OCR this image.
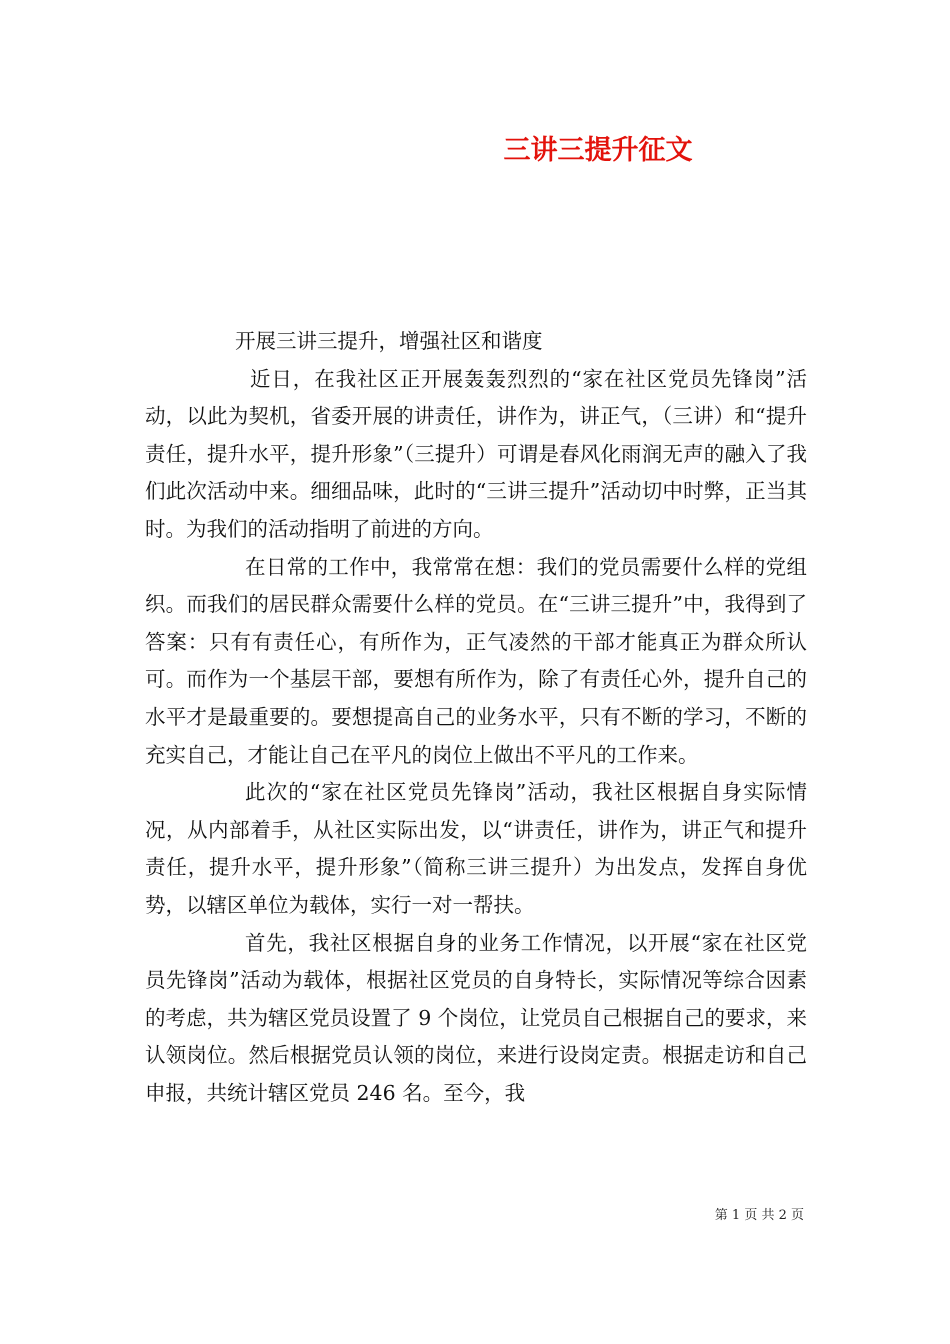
三讲三提升征文

开展三讲三提升，增强社区和谐度

近日，在我社区正开展轰轰烈烈的“家在社区党员先锋岗”活动，以此为契机，省委开展的讲责任，讲作为，讲正气，（三讲）和“提升责任，提升水平，提升形象”（三提升）可谓是春风化雨润无声的融入了我们此次活动中来。细细品味，此时的“三讲三提升”活动切中时弊，正当其时。为我们的活动指明了前进的方向。

在日常的工作中，我常常在想：我们的党员需要什么样的党组织。而我们的居民群众需要什么样的党员。在“三讲三提升”中，我得到了答案：只有有责任心，有所作为，正气凌然的干部才能真正为群众所认可。而作为一个基层干部，要想有所作为，除了有责任心外，提升自己的水平才是最重要的。要想提高自己的业务水平，只有不断的学习，不断的充实自己，才能让自己在平凡的岗位上做出不平凡的工作来。

此次的“家在社区党员先锋岗”活动，我社区根据自身实际情况，从内部着手，从社区实际出发，以“讲责任，讲作为，讲正气和提升责任，提升水平，提升形象”（简称三讲三提升）为出发点，发挥自身优势，以辖区单位为载体，实行一对一帮扶。

首先，我社区根据自身的业务工作情况，以开展“家在社区党员先锋岗”活动为载体，根据社区党员的自身特长，实际情况等综合因素的考虑，共为辖区党员设置了 9 个岗位，让党员自己根据自己的要求，来认领岗位。然后根据党员认领的岗位，来进行设岗定责。根据走访和自己申报，共统计辖区党员 246 名。至今，我

第 1 页 共 2 页
